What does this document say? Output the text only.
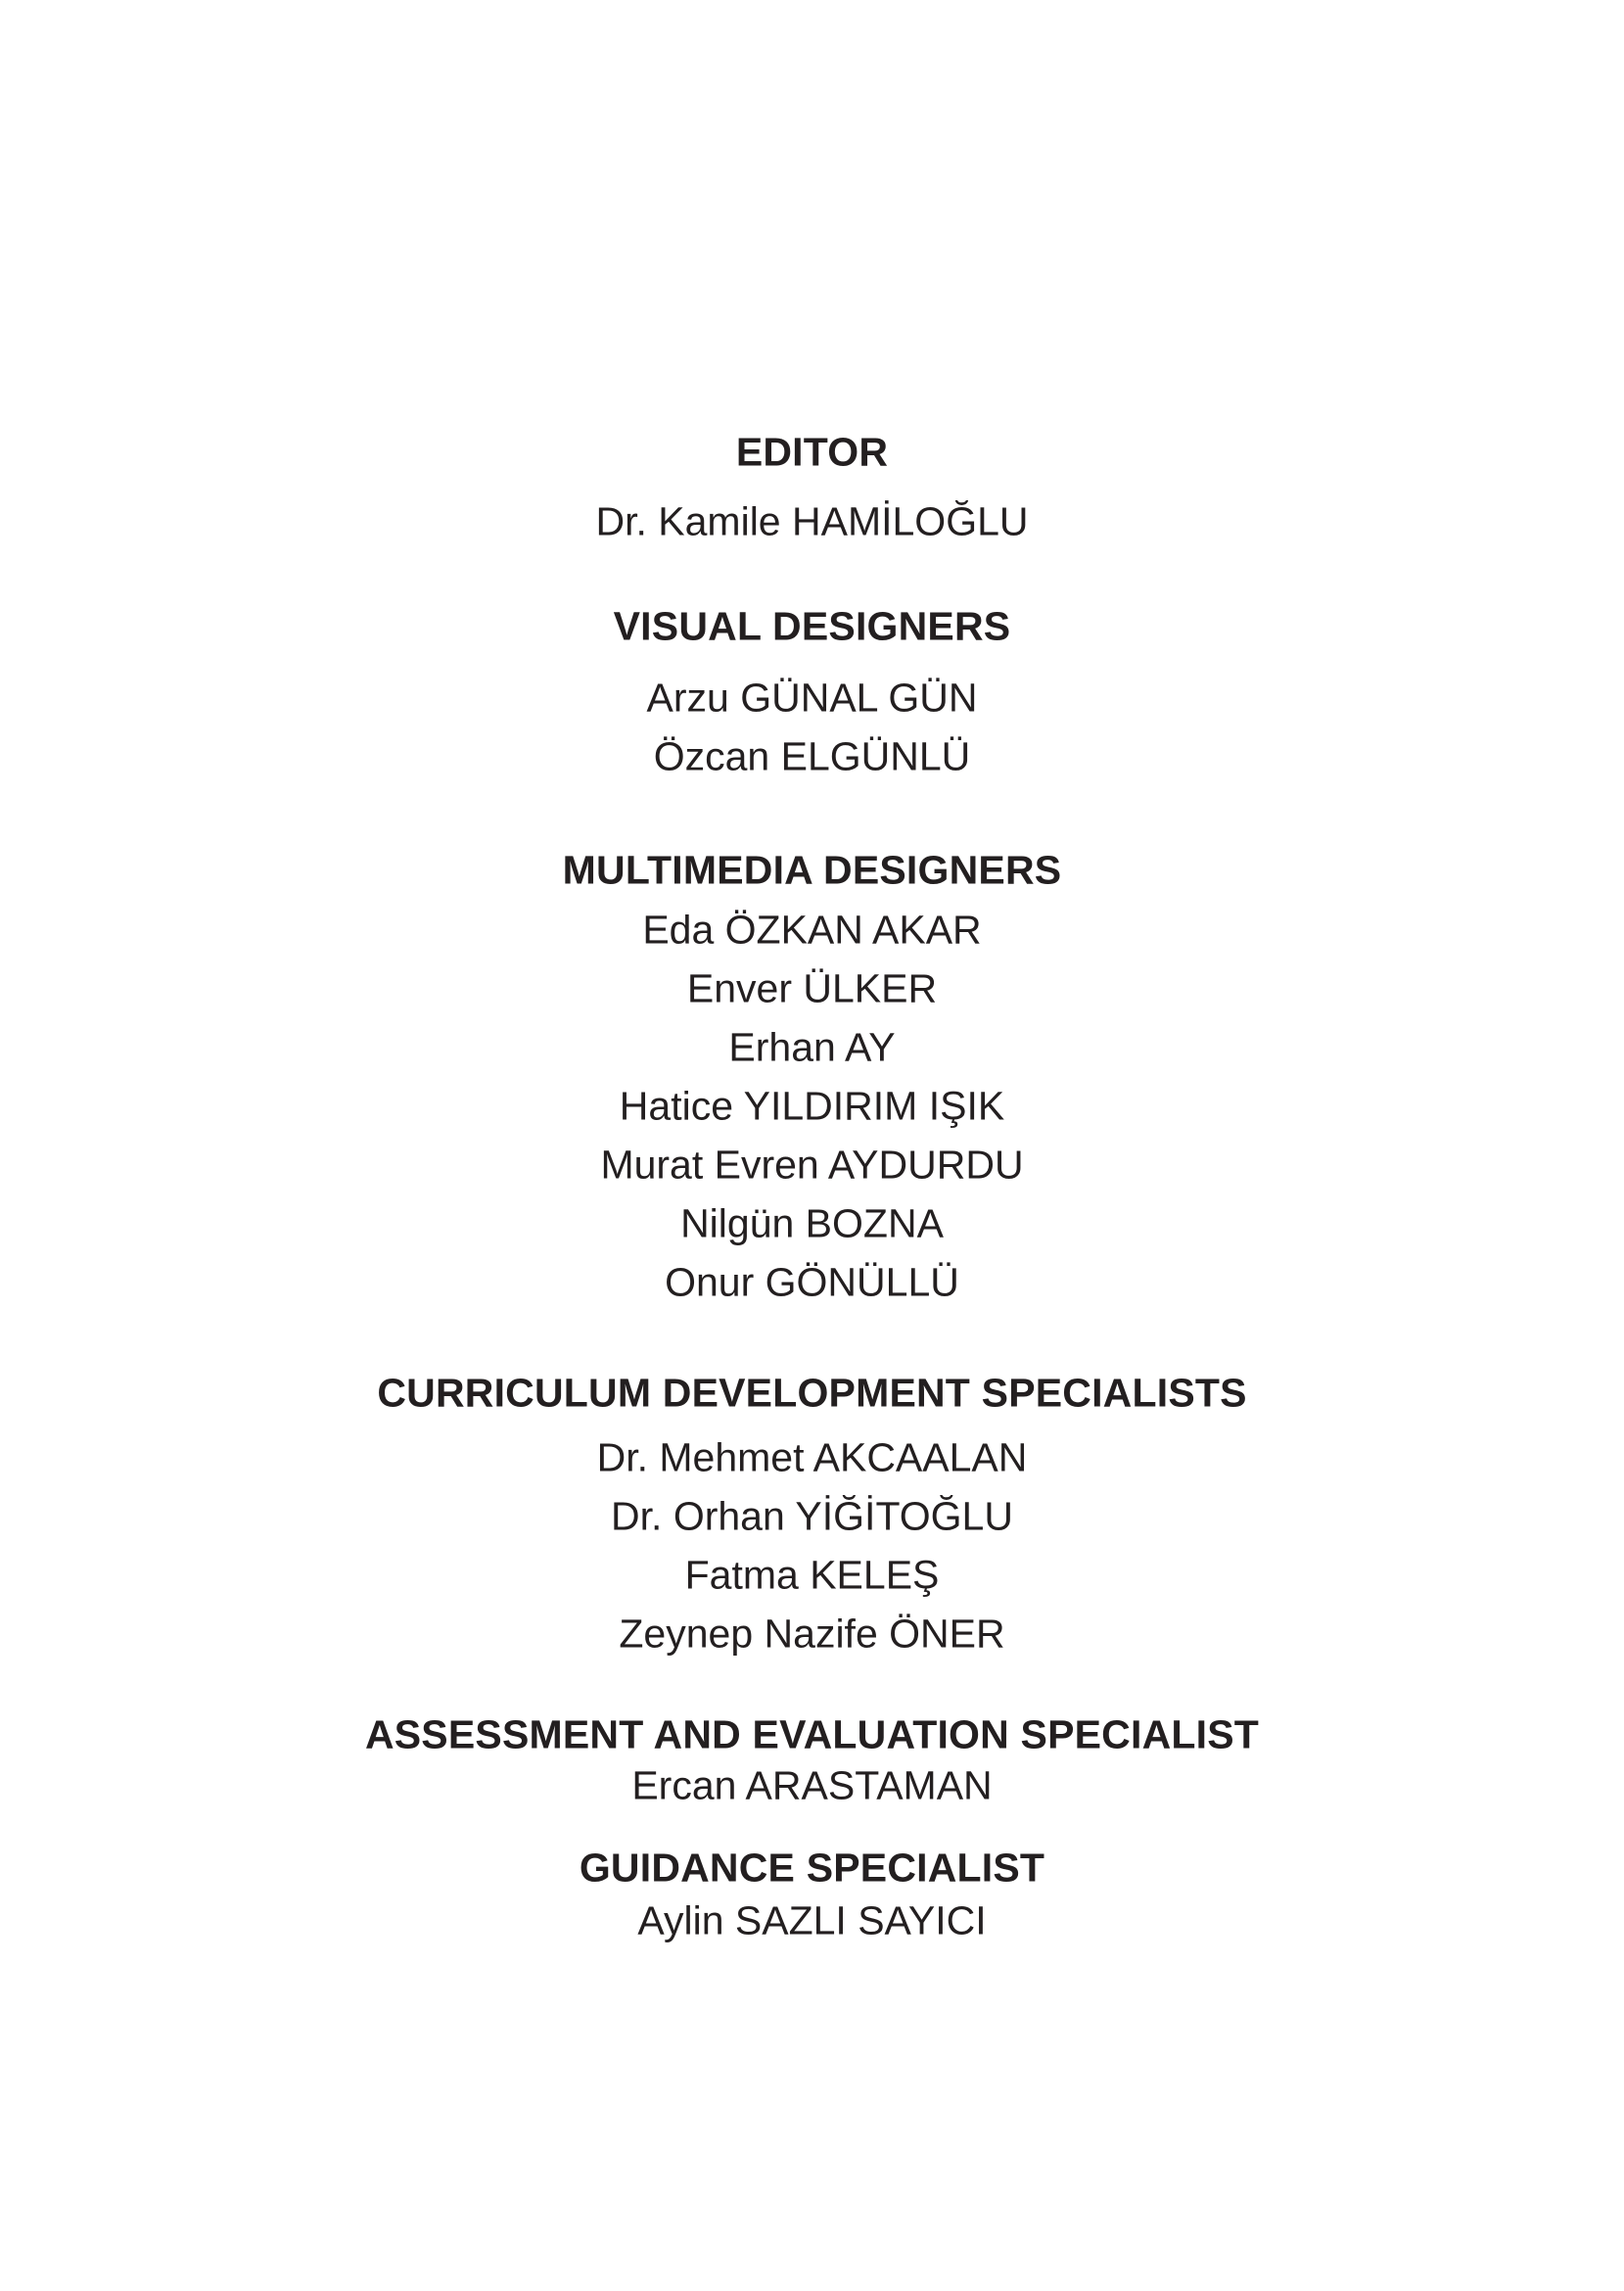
EDITOR
Dr. Kamile HAMİLOĞLU
VISUAL DESIGNERS
Arzu GÜNAL GÜN
Özcan ELGÜNLÜ
MULTIMEDIA DESIGNERS
Eda ÖZKAN AKAR
Enver ÜLKER
Erhan AY
Hatice YILDIRIM IŞIK
Murat Evren AYDURDU
Nilgün BOZNA
Onur GÖNÜLLÜ
CURRICULUM DEVELOPMENT SPECIALISTS
Dr. Mehmet AKCAALAN
Dr. Orhan YİĞİTOĞLU
Fatma KELEŞ
Zeynep Nazife ÖNER
ASSESSMENT AND EVALUATION SPECIALIST
Ercan ARASTAMAN
GUIDANCE SPECIALIST
Aylin SAZLI SAYICI
